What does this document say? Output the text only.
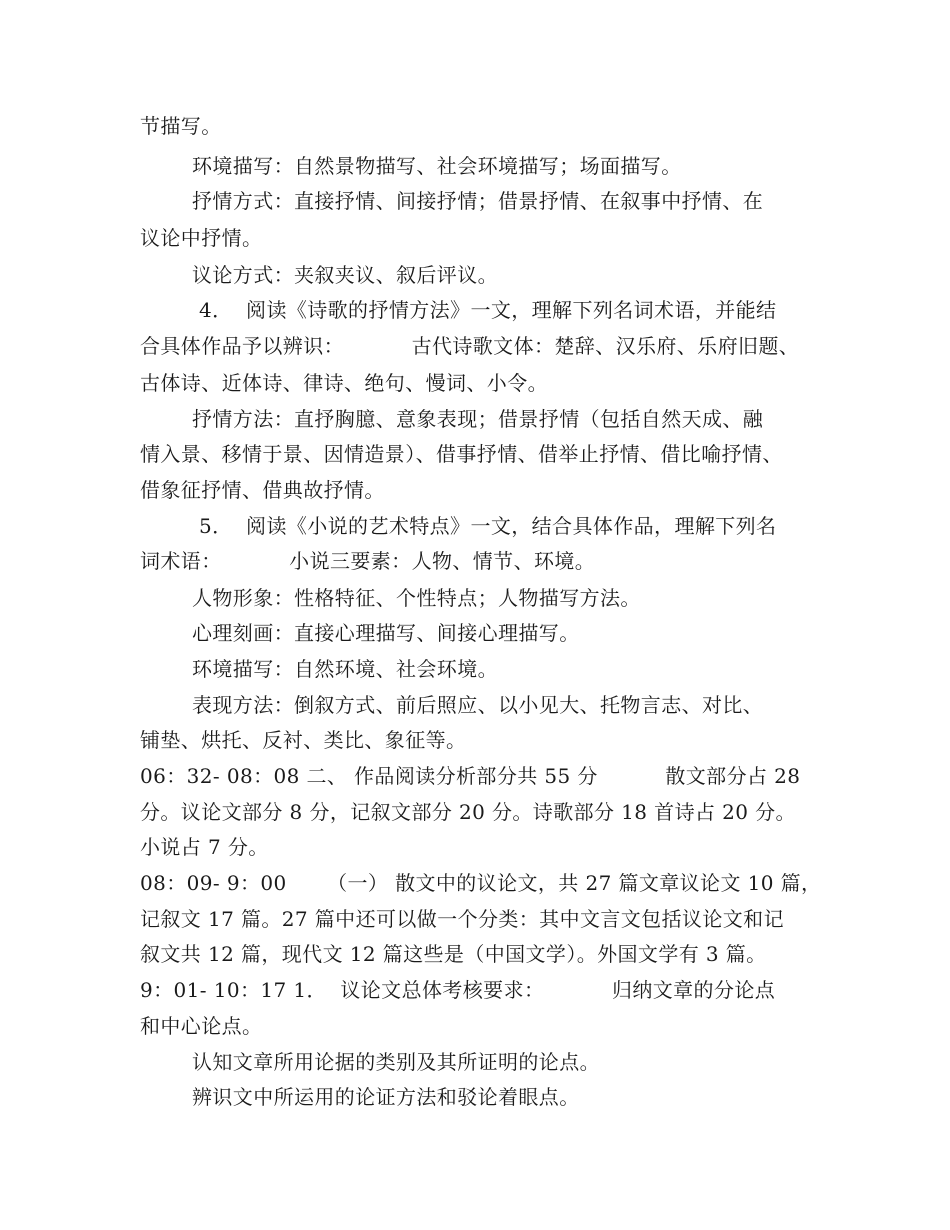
节描写。
环境描写：自然景物描写、社会环境描写；场面描写。
抒情方式：直接抒情、间接抒情；借景抒情、在叙事中抒情、在
议论中抒情。
议论方式：夹叙夹议、叙后评议。
4．  阅读《诗歌的抒情方法》一文，理解下列名词术语，并能结
合具体作品予以辨识：          古代诗歌文体：楚辞、汉乐府、乐府旧题、
古体诗、近体诗、律诗、绝句、慢词、小令。
抒情方法：直抒胸臆、意象表现；借景抒情（包括自然天成、融
情入景、移情于景、因情造景）、借事抒情、借举止抒情、借比喻抒情、
借象征抒情、借典故抒情。
5．  阅读《小说的艺术特点》一文，结合具体作品，理解下列名
词术语：          小说三要素：人物、情节、环境。
人物形象：性格特征、个性特点；人物描写方法。
心理刻画：直接心理描写、间接心理描写。
环境描写：自然环境、社会环境。
表现方法：倒叙方式、前后照应、以小见大、托物言志、对比、
铺垫、烘托、反衬、类比、象征等。
06：32- 08：08 二、 作品阅读分析部分共 55 分          散文部分占 28
分。议论文部分 8 分，记叙文部分 20 分。诗歌部分 18 首诗占 20 分。
小说占 7 分。
08：09- 9：00      （一） 散文中的议论文，共 27 篇文章议论文 10 篇，
记叙文 17 篇。27 篇中还可以做一个分类：其中文言文包括议论文和记
叙文共 12 篇，现代文 12 篇这些是（中国文学）。外国文学有 3 篇。
9：01- 10：17 1．  议论文总体考核要求：          归纳文章的分论点
和中心论点。
认知文章所用论据的类别及其所证明的论点。
辨识文中所运用的论证方法和驳论着眼点。
